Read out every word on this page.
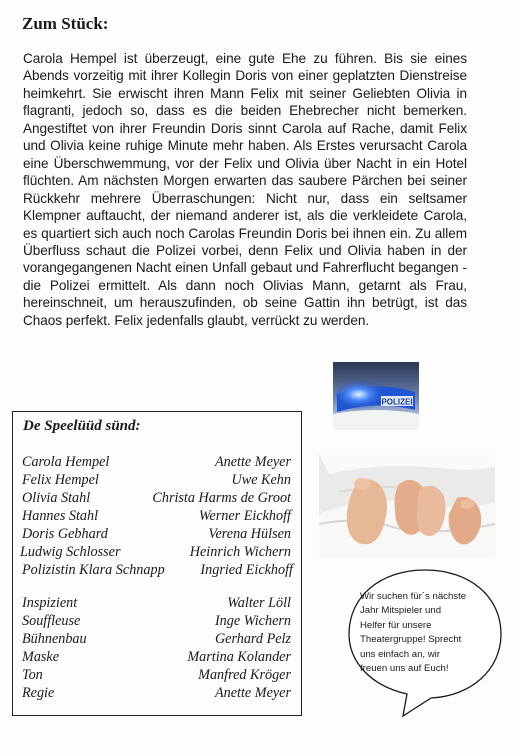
Zum Stück:

Carola Hempel ist überzeugt, eine gute Ehe zu führen. Bis sie eines Abends vorzeitig mit ihrer Kollegin Doris von einer geplatzten Dienstreise heimkehrt. Sie erwischt ihren Mann Felix mit seiner Geliebten Olivia in flagranti, jedoch so, dass es die beiden Ehebrecher nicht bemerken. Angestiftet von ihrer Freundin Doris sinnt Carola auf Rache, damit Felix und Olivia keine ruhige Minute mehr haben. Als Erstes verursacht Carola eine Überschwemmung, vor der Felix und Olivia über Nacht in ein Hotel flüchten. Am nächsten Morgen erwarten das saubere Pärchen bei seiner Rückkehr mehrere Überraschungen: Nicht nur, dass ein seltsamer Klempner auftaucht, der niemand anderer ist, als die verkleidete Carola, es quartiert sich auch noch Carolas Freundin Doris bei ihnen ein. Zu allem Überfluss schaut die Polizei vorbei, denn Felix und Olivia haben in der vorangegangenen Nacht einen Unfall gebaut und Fahrerflucht begangen - die Polizei ermittelt. Als dann noch Olivias Mann, getarnt als Frau, hereinschneit, um herauszufinden, ob seine Gattin ihn betrügt, ist das Chaos perfekt. Felix jedenfalls glaubt, verrückt zu werden.

POLIZEI
De Speelüüd sünd:
Carola Hempel	Anette Meyer
Felix Hempel	Uwe Kehn
Olivia Stahl	Christa Harms de Groot
Hannes Stahl	Werner Eickhoff
Doris Gebhard	Verena Hülsen
Ludwig Schlosser	Heinrich Wichern
Polizistin Klara Schnapp	Ingried Eickhoff
Inspizient	Walter Löll
Souffleuse	Inge Wichern
Bühnenbau	Gerhard Pelz
Maske	Martina Kolander
Ton	Manfred Kröger
Regie	Anette Meyer
Wir suchen für´s nächste
Jahr Mitspieler und
Helfer für unsere
Theatergruppe! Sprecht
uns einfach an, wir
freuen uns auf Euch!
